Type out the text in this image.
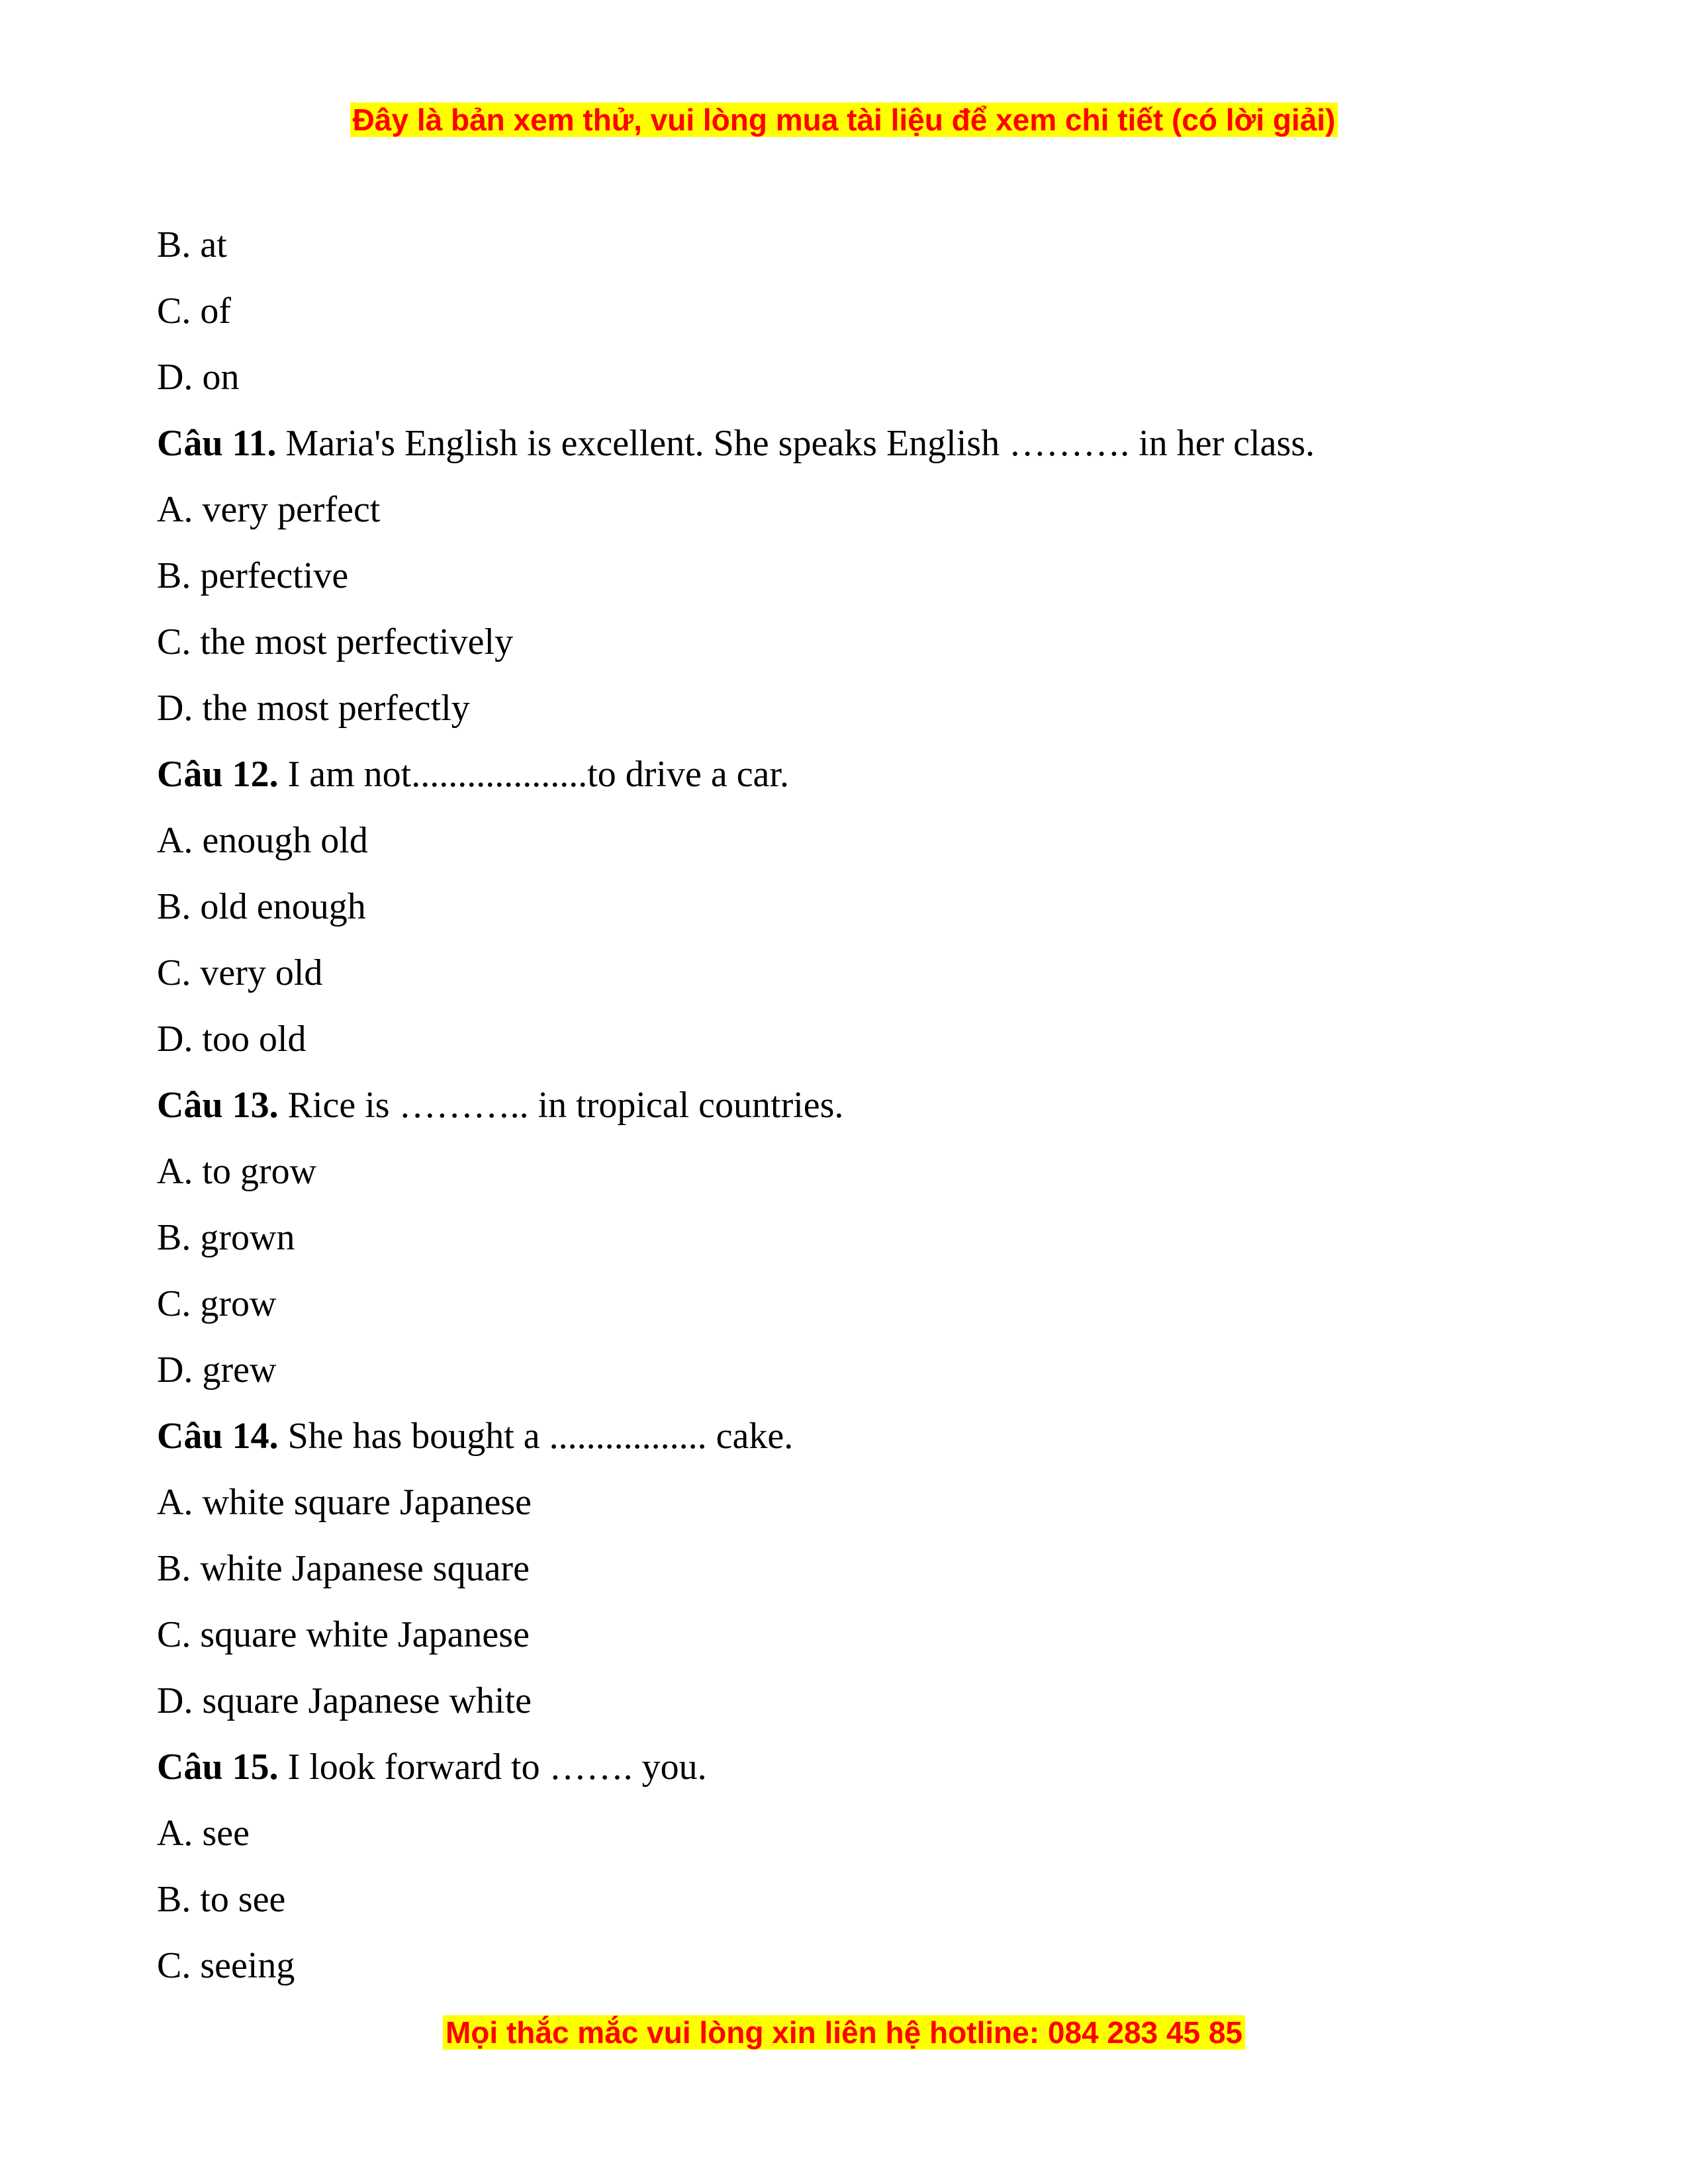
Đây là bản xem thử, vui lòng mua tài liệu để xem chi tiết (có lời giải)
B. at
C. of
D. on
Câu 11. Maria's English is excellent. She speaks English ………. in her class.
A. very perfect
B. perfective
C. the most perfectively
D. the most perfectly
Câu 12. I am not...................to drive a car.
A. enough old
B. old enough
C. very old
D. too old
Câu 13. Rice is ……….. in tropical countries.
A. to grow
B. grown
C. grow
D. grew
Câu 14. She has bought a ................. cake.
A. white square Japanese
B. white Japanese square
C. square white Japanese
D. square Japanese white
Câu 15. I look forward to ……. you.
A. see
B. to see
C. seeing
Mọi thắc mắc vui lòng xin liên hệ hotline: 084 283 45 85
